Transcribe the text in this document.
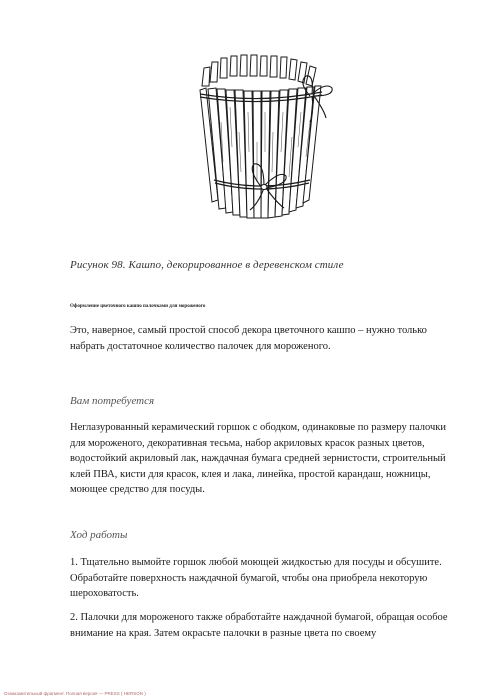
Рисунок 98. Кашпо, декорированное в деревенском стиле
Оформление цветочного кашпо палочками для мороженого

Это, наверное, самый простой способ декора цветочного кашпо – нужно только набрать достаточное количество палочек для мороженого.

Вам потребуется

Неглазурованный керамический горшок с ободком, одинаковые по размеру палочки для мороженого, декоративная тесьма, набор акриловых красок разных цветов, водостойкий акриловый лак, наждачная бумага средней зернистости, строительный клей ПВА, кисти для красок, клея и лака, линейка, простой карандаш, ножницы, моющее средство для посуды.

Ход работы

1. Тщательно вымойте горшок любой моющей жидкостью для посуды и обсушите. Обработайте поверхность наждачной бумагой, чтобы она приобрела некоторую шероховатость.

2. Палочки для мороженого также обработайте наждачной бумагой, обращая особое внимание на края. Затем окрасьте палочки в разные цвета по своему

Ознакомительный фрагмент. Полная версия — PRESS ( HERSON )
